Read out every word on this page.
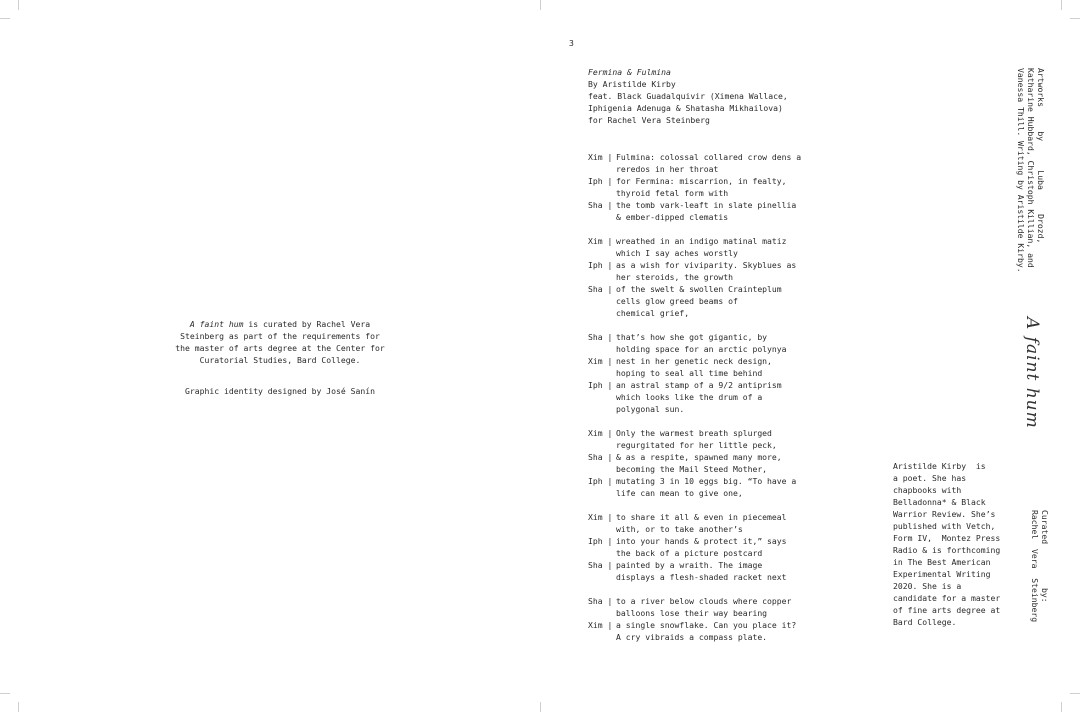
3

A faint hum is curated by Rachel Vera Steinberg as part of the requirements for the master of arts degree at the Center for Curatorial Studies, Bard College.

Graphic identity designed by José Sanín

Fermina & Fulmina
By Aristilde Kirby
feat. Black Guadalquivir (Ximena Wallace,
Iphigenia Adenuga & Shatasha Mikhailova)
for Rachel Vera Steinberg
Xim |	Fulmina: colossal collared crow dens a
reredos in her throat
Iph |	for Fermina: miscarrion, in fealty,
thyroid fetal form with
Sha |	the tomb vark-leaft in slate pinellia
& ember-dipped clematis
Xim |	wreathed in an indigo matinal matiz
which I say aches worstly
Iph |	as a wish for viviparity. Skyblues as
her steroids, the growth
Sha |	of the swelt & swollen Crainteplum
cells glow greed beams of
chemical grief,
Sha |	that’s how she got gigantic, by
holding space for an arctic polynya
Xim |	nest in her genetic neck design,
hoping to seal all time behind
Iph |	an astral stamp of a 9/2 antiprism
which looks like the drum of a
polygonal sun.
Xim |	Only the warmest breath splurged
regurgitated for her little peck,
Sha |	& as a respite, spawned many more,
becoming the Mail Steed Mother,
Iph |	mutating 3 in 10 eggs big. “To have a
life can mean to give one,
Xim |	to share it all & even in piecemeal
with, or to take another’s
Iph |	into your hands & protect it,” says
the back of a picture postcard
Sha |	painted by a wraith. The image
displays a flesh-shaded racket next
Sha |	to a river below clouds where copper
balloons lose their way bearing
Xim |	a single snowflake. Can you place it?
A cry vibraids a compass plate.
Aristilde Kirby  is
a poet. She has
chapbooks with
Belladonna* & Black
Warrior Review. She’s
published with Vetch,
Form IV,  Montez Press
Radio & is forthcoming
in The Best American
Experimental Writing
2020. She is a
candidate for a master
of fine arts degree at
Bard College.
Artworks     by      Luba     Drozd,
Katharine Hubbard, Christoph Killian, and
Vanessa Thill. Writing by Aristilde Kirby.
A faint hum
Curated         by:
Rachel  Vera  Steinberg
